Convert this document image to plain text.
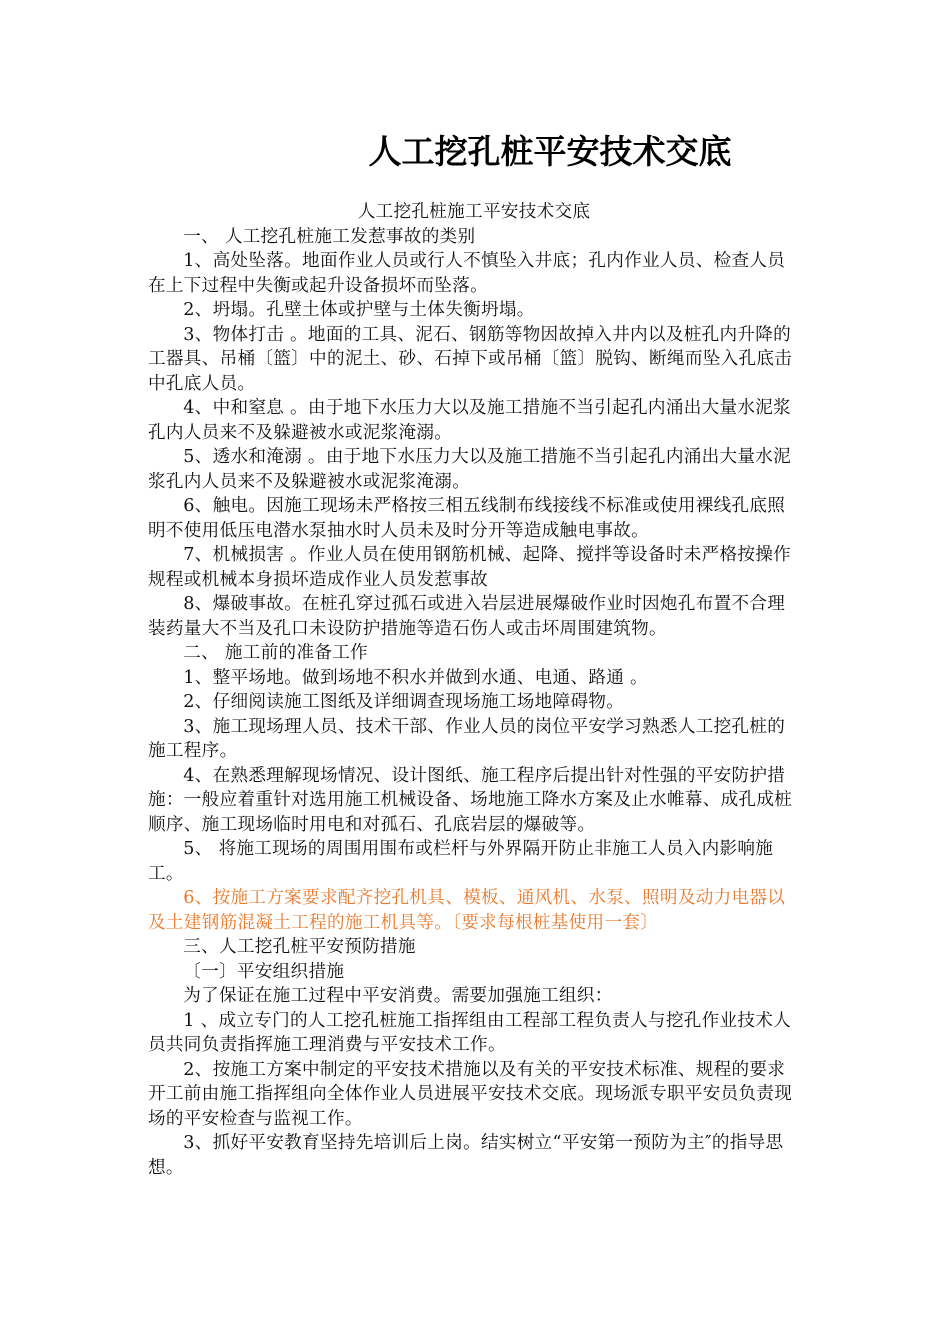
人工挖孔桩平安技术交底

人工挖孔桩施工平安技术交底

一、 人工挖孔桩施工发惹事故的类别

1、高处坠落。地面作业人员或行人不慎坠入井底；孔内作业人员、检查人员在上下过程中失衡或起升设备损坏而坠落。

2、坍塌。孔壁土体或护壁与土体失衡坍塌。

3、物体打击 。地面的工具、泥石、钢筋等物因故掉入井内以及桩孔内升降的工器具、吊桶〔篮〕中的泥土、砂、石掉下或吊桶〔篮〕脱钩、断绳而坠入孔底击中孔底人员。

4、中和窒息 。由于地下水压力大以及施工措施不当引起孔内涌出大量水泥浆孔内人员来不及躲避被水或泥浆淹溺。

5、透水和淹溺 。由于地下水压力大以及施工措施不当引起孔内涌出大量水泥浆孔内人员来不及躲避被水或泥浆淹溺。

6、触电。因施工现场未严格按三相五线制布线接线不标准或使用裸线孔底照明不使用低压电潜水泵抽水时人员未及时分开等造成触电事故。

7、机械损害 。作业人员在使用钢筋机械、起降、搅拌等设备时未严格按操作规程或机械本身损坏造成作业人员发惹事故

8、爆破事故。在桩孔穿过孤石或进入岩层进展爆破作业时因炮孔布置不合理装药量大不当及孔口未设防护措施等造石伤人或击坏周围建筑物。

二、 施工前的准备工作

1、整平场地。做到场地不积水并做到水通、电通、路通 。

2、仔细阅读施工图纸及详细调查现场施工场地障碍物。

3、施工现场理人员、技术干部、作业人员的岗位平安学习熟悉人工挖孔桩的施工程序。

4、在熟悉理解现场情况、设计图纸、施工程序后提出针对性强的平安防护措施：一般应着重针对选用施工机械设备、场地施工降水方案及止水帷幕、成孔成桩顺序、施工现场临时用电和对孤石、孔底岩层的爆破等。

5、 将施工现场的周围用围布或栏杆与外界隔开防止非施工人员入内影响施工。

6、按施工方案要求配齐挖孔机具、模板、通风机、水泵、照明及动力电器以及土建钢筋混凝土工程的施工机具等。〔要求每根桩基使用一套〕

三、人工挖孔桩平安预防措施

〔一〕平安组织措施

为了保证在施工过程中平安消费。需要加强施工组织：

1 、成立专门的人工挖孔桩施工指挥组由工程部工程负责人与挖孔作业技术人员共同负责指挥施工理消费与平安技术工作。

2、按施工方案中制定的平安技术措施以及有关的平安技术标准、规程的要求开工前由施工指挥组向全体作业人员进展平安技术交底。现场派专职平安员负责现场的平安检查与监视工作。

3、抓好平安教育坚持先培训后上岗。结实树立“平安第一预防为主″的指导思想。
